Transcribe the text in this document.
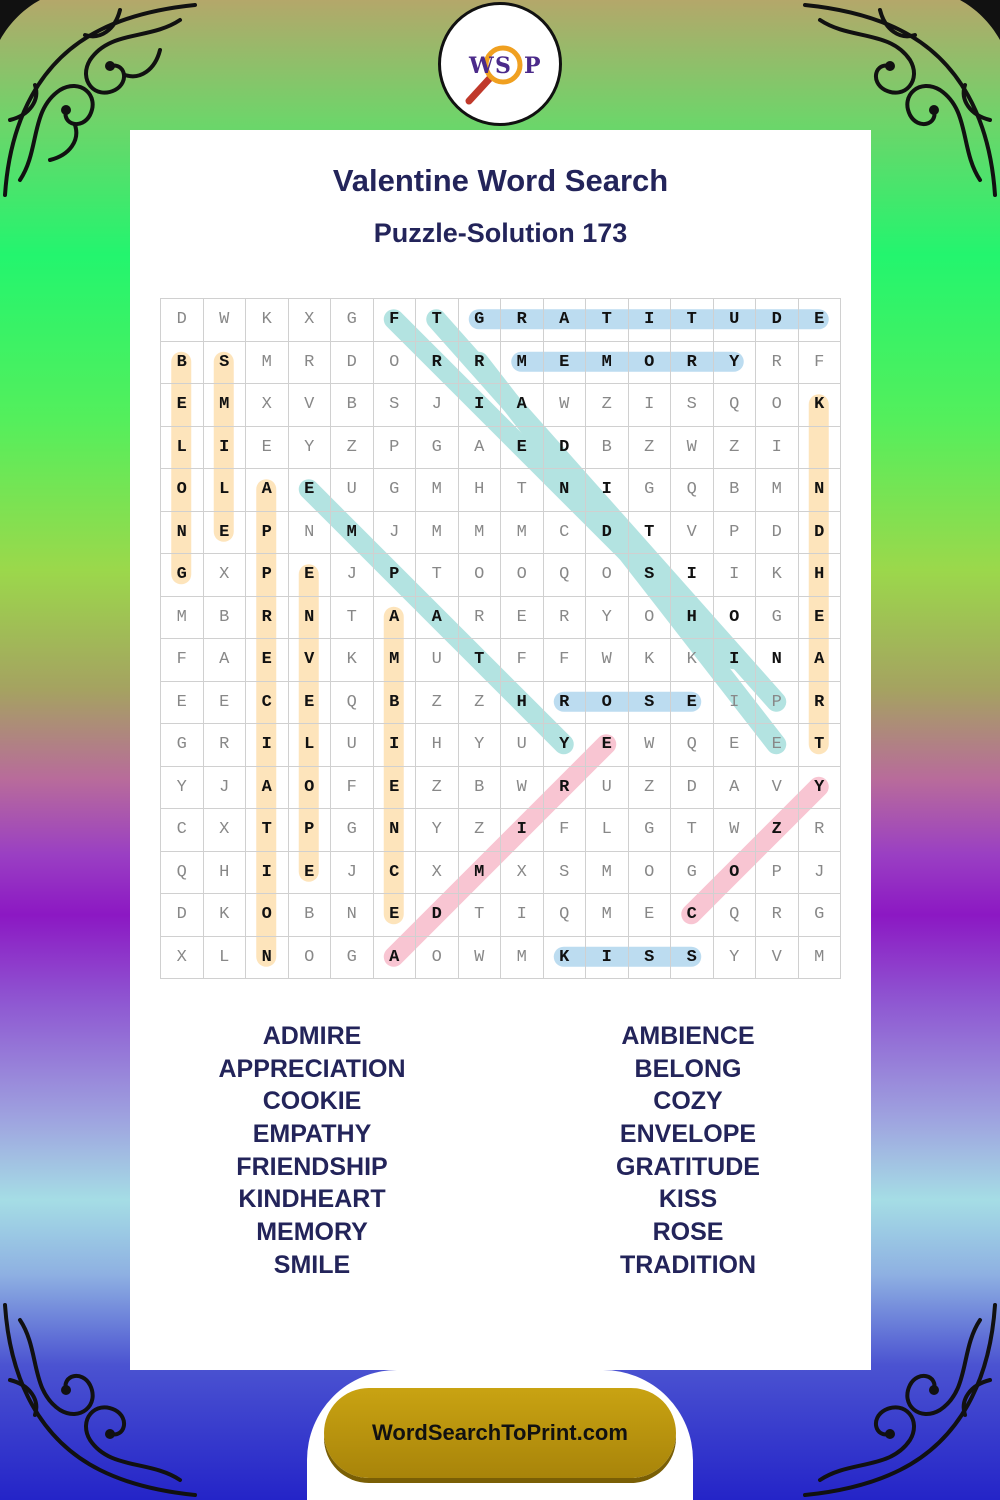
W S P
Valentine Word Search
Puzzle-Solution 173
D	W	K	X	G	F	T	G	R	A	T	I	T	U	D	E
B	S	M	R	D	O	R	R	M	E	M	O	R	Y	R	F
E	M	X	V	B	S	J	I	A	W	Z	I	S	Q	O	K
L	I	E	Y	Z	P	G	A	E	D	B	Z	W	Z	I
O	L	A	E	U	G	M	H	T	N	I	G	Q	B	M	N
N	E	P	N	M	J	M	M	M	C	D	T	V	P	D	D
G	X	P	E	J	P	T	O	O	Q	O	S	I	I	K	H
M	B	R	N	T	A	A	R	E	R	Y	O	H	O	G	E
F	A	E	V	K	M	U	T	F	F	W	K	K	I	N	A
E	E	C	E	Q	B	Z	Z	H	R	O	S	E	I	P	R
G	R	I	L	U	I	H	Y	U	Y	E	W	Q	E	E	T
Y	J	A	O	F	E	Z	B	W	R	U	Z	D	A	V	Y
C	X	T	P	G	N	Y	Z	I	F	L	G	T	W	Z	R
Q	H	I	E	J	C	X	M	X	S	M	O	G	O	P	J
D	K	O	B	N	E	D	T	I	Q	M	E	C	Q	R	G
X	L	N	O	G	A	O	W	M	K	I	S	S	Y	V	M
ADMIRE
APPRECIATION
COOKIE
EMPATHY
FRIENDSHIP
KINDHEART
MEMORY
SMILE
AMBIENCE
BELONG
COZY
ENVELOPE
GRATITUDE
KISS
ROSE
TRADITION
WordSearchToPrint.com
